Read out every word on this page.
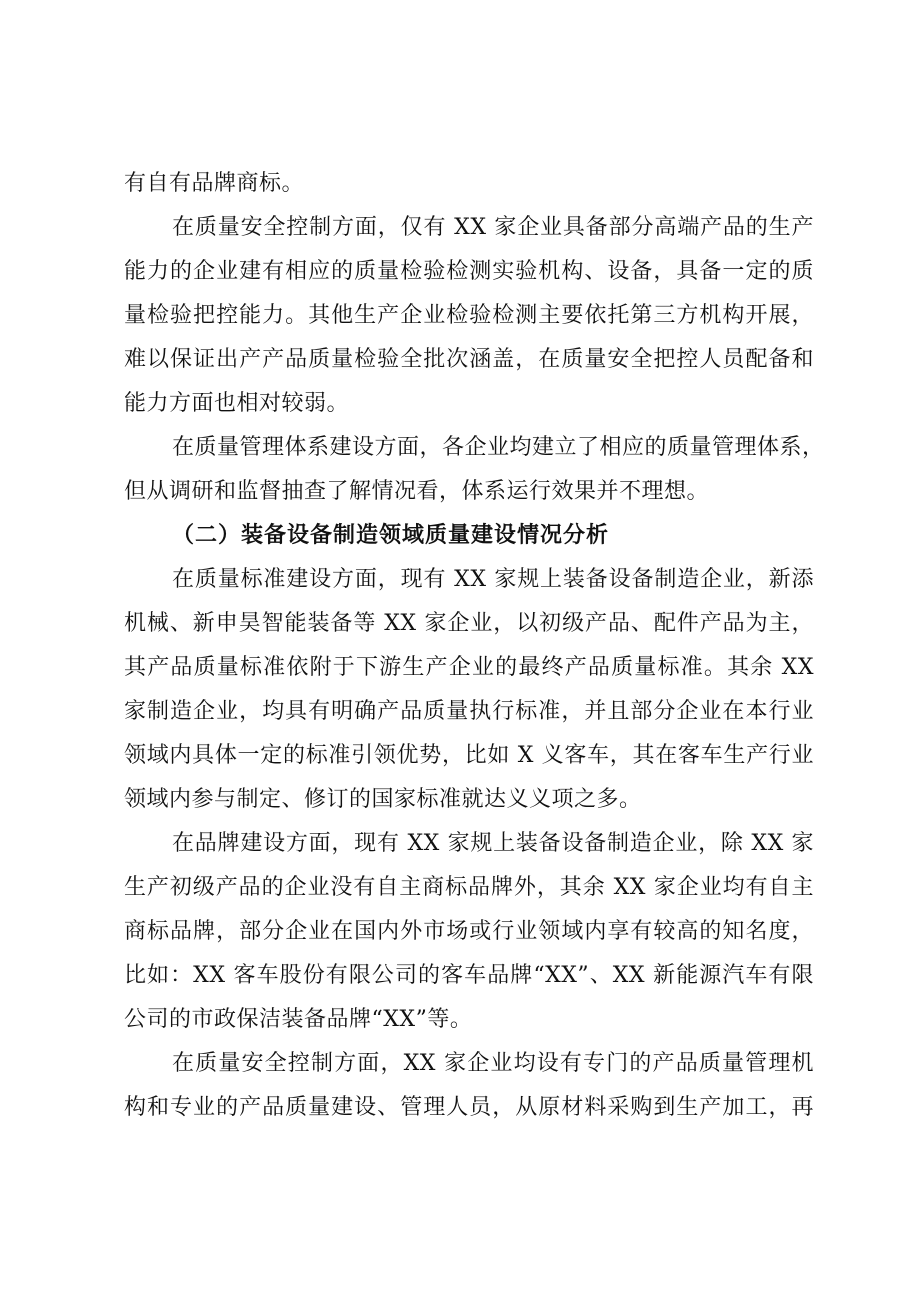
有自有品牌商标。
在质量安全控制方面，仅有 XX 家企业具备部分高端产品的生产
能力的企业建有相应的质量检验检测实验机构、设备，具备一定的质
量检验把控能力。其他生产企业检验检测主要依托第三方机构开展，
难以保证出产产品质量检验全批次涵盖，在质量安全把控人员配备和
能力方面也相对较弱。
在质量管理体系建设方面，各企业均建立了相应的质量管理体系，
但从调研和监督抽查了解情况看，体系运行效果并不理想。
（二）装备设备制造领域质量建设情况分析
在质量标准建设方面，现有 XX 家规上装备设备制造企业，新添
机械、新申昊智能装备等 XX 家企业，以初级产品、配件产品为主，
其产品质量标准依附于下游生产企业的最终产品质量标准。其余 XX
家制造企业，均具有明确产品质量执行标准，并且部分企业在本行业
领域内具体一定的标准引领优势，比如 X 义客车，其在客车生产行业
领域内参与制定、修订的国家标准就达义义项之多。
在品牌建设方面，现有 XX 家规上装备设备制造企业，除 XX 家
生产初级产品的企业没有自主商标品牌外，其余 XX 家企业均有自主
商标品牌，部分企业在国内外市场或行业领域内享有较高的知名度，
比如：XX 客车股份有限公司的客车品牌“XX”、XX 新能源汽车有限
公司的市政保洁装备品牌“XX”等。
在质量安全控制方面，XX 家企业均设有专门的产品质量管理机
构和专业的产品质量建设、管理人员，从原材料采购到生产加工，再
